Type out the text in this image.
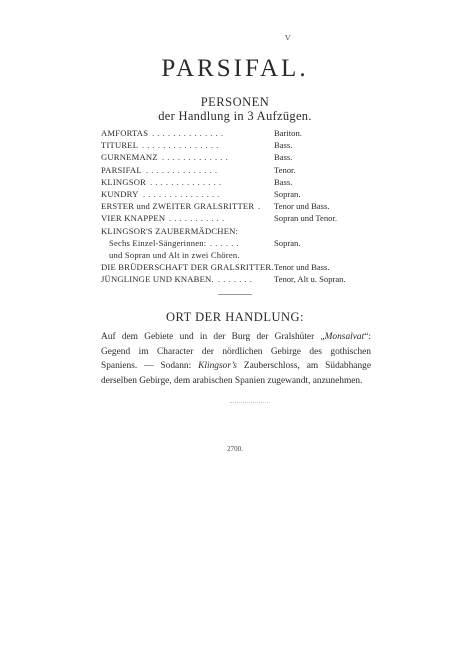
ⱽ
PARSIFAL.
PERSONEN
der Handlung in 3 Aufzügen.
AMFORTAS . . . . . . . . . . . . . .	Bariton.
TITUREL . . . . . . . . . . . . . . .	Bass.
GURNEMANZ . . . . . . . . . . . . .	Bass.
PARSIFAL . . . . . . . . . . . . . .	Tenor.
KLINGSOR . . . . . . . . . . . . . .	Bass.
KUNDRY . . . . . . . . . . . . . . .	Sopran.
ERSTER und ZWEITER GRALSRITTER . Tenor und Bass.
VIER KNAPPEN . . . . . . . . . . .	Sopran und Tenor.
KLINGSOR'S ZAUBERMÄDCHEN:
Sechs Einzel-Sängerinnen: . . . . . .	Sopran.
und Sopran und Alt in zwei Chören.
DIE BRÜDERSCHAFT DER GRALSRITTER. Tenor und Bass.
JÜNGLINGE UND KNABEN. . . . . . . .	Tenor, Alt u. Sopran.
ORT DER HANDLUNG:
Auf dem Gebiete und in der Burg der Gralshüter „Monsalvat“:
Gegend im Character der nördlichen Gebirge des gothischen
Spaniens. — Sodann: Klingsor’s Zauberschloss, am Südabhange
derselben Gebirge, dem arabischen Spanien zugewandt, anzunehmen.
2700.
